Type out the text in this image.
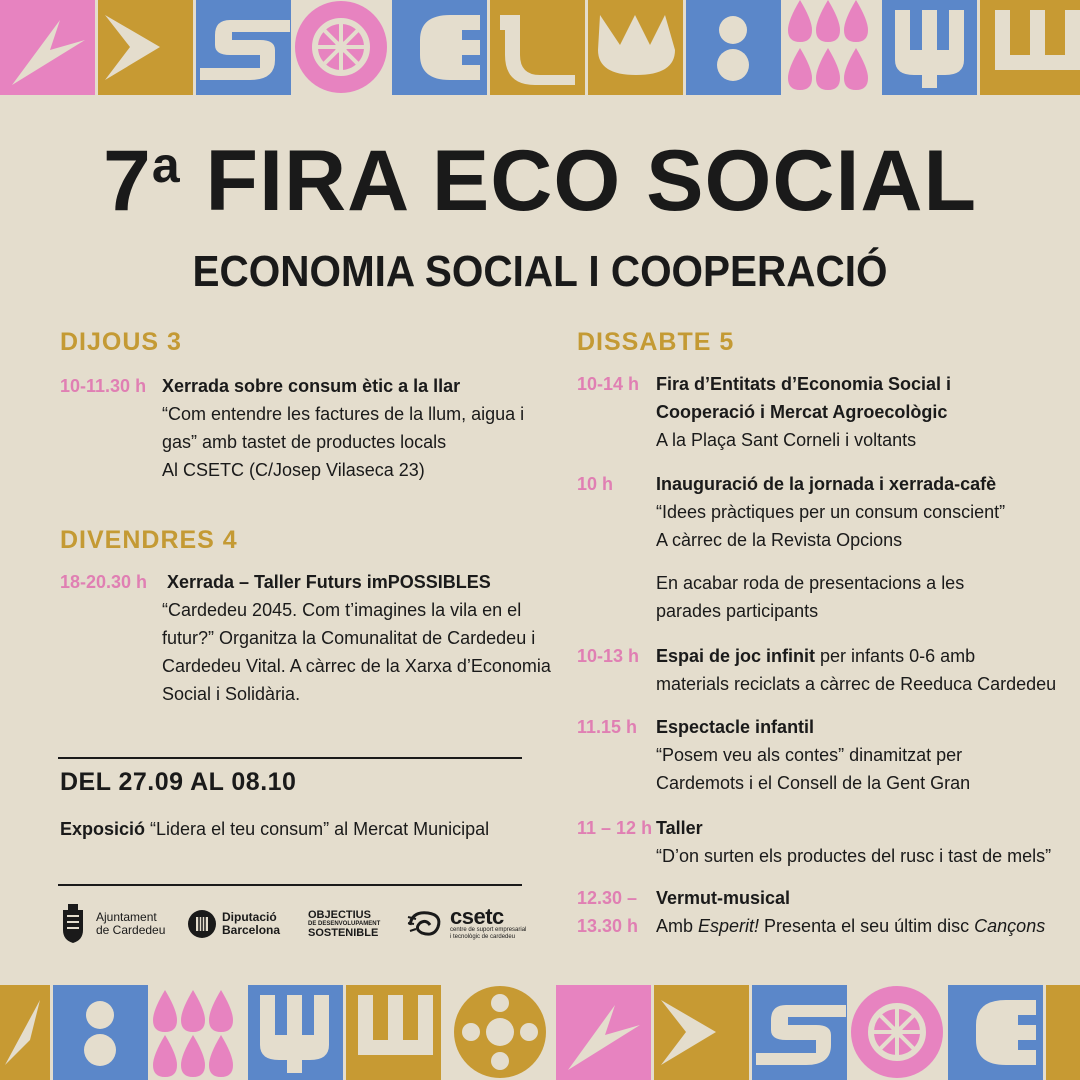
7$^a$ FIRA ECO SOCIAL
ECONOMIA SOCIAL I COOPERACIÓ
DIJOUS 3
10-11.30 h Xerrada sobre consum ètic a la llar
“Com entendre les factures de la llum, aigua i
gas” amb tastet de productes locals
Al CSETC (C/Josep Vilaseca 23)
DIVENDRES 4
18-20.30 h Xerrada – Taller Futurs imPOSSIBLES
“Cardedeu 2045. Com t’imagines la vila en el
futur?” Organitza la Comunalitat de Cardedeu i
Cardedeu Vital. A càrrec de la Xarxa d’Economia
Social i Solidària.
DEL 27.09 AL 08.10
Exposició “Lidera el teu consum” al Mercat Municipal
Ajuntament
de Cardedeu
Diputació
Barcelona
OBJECTIUS
DE DESENVOLUPAMENT
SOSTENIBLE
csetc
centre de suport empresarial
i tecnològic de cardedeu
DISSABTE 5
10-14 h Fira d’Entitats d’Economia Social i
Cooperació i Mercat Agroecològic
A la Plaça Sant Corneli i voltants
10 h Inauguració de la jornada i xerrada-cafè
“Idees pràctiques per un consum conscient”
A càrrec de la Revista Opcions
En acabar roda de presentacions a les
parades participants
10-13 h Espai de joc infinit per infants 0-6 amb
materials reciclats a càrrec de Reeduca Cardedeu
11.15 h Espectacle infantil
“Posem veu als contes” dinamitzat per
Cardemots i el Consell de la Gent Gran
11 – 12 h Taller
“D’on surten els productes del rusc i tast de mels”
12.30 –
13.30 h
Vermut-musical
Amb Esperit! Presenta el seu últim disc Cançons
